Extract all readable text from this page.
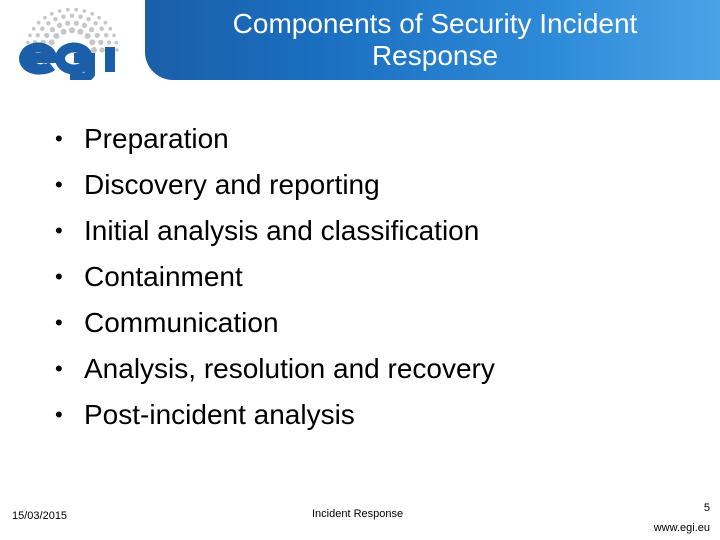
Components of Security Incident
Response
• Preparation
• Discovery and reporting
• Initial analysis and classification
• Containment
• Communication
• Analysis, resolution and recovery
• Post-incident analysis
15/03/2015	Incident Response	5
www.egi.eu
